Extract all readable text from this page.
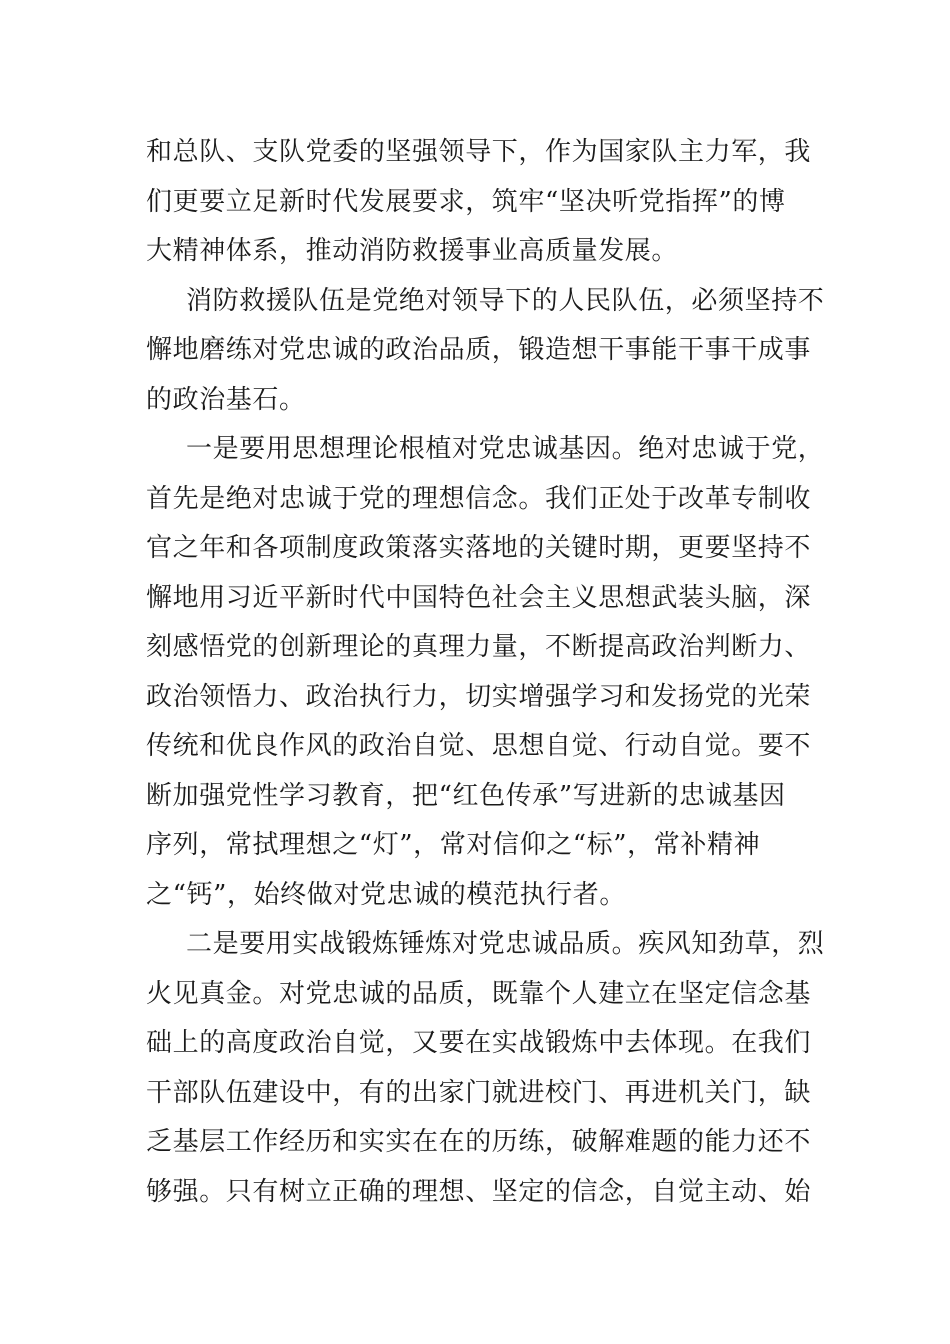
和总队、支队党委的坚强领导下，作为国家队主力军，我
们更要立足新时代发展要求，筑牢“坚决听党指挥”的博
大精神体系，推动消防救援事业高质量发展。
消防救援队伍是党绝对领导下的人民队伍，必须坚持不
懈地磨练对党忠诚的政治品质，锻造想干事能干事干成事
的政治基石。
一是要用思想理论根植对党忠诚基因。绝对忠诚于党，
首先是绝对忠诚于党的理想信念。我们正处于改革专制收
官之年和各项制度政策落实落地的关键时期，更要坚持不
懈地用习近平新时代中国特色社会主义思想武装头脑，深
刻感悟党的创新理论的真理力量，不断提高政治判断力、
政治领悟力、政治执行力，切实增强学习和发扬党的光荣
传统和优良作风的政治自觉、思想自觉、行动自觉。要不
断加强党性学习教育，把“红色传承”写进新的忠诚基因
序列，常拭理想之“灯”，常对信仰之“标”，常补精神
之“钙”，始终做对党忠诚的模范执行者。
二是要用实战锻炼锤炼对党忠诚品质。疾风知劲草，烈
火见真金。对党忠诚的品质，既靠个人建立在坚定信念基
础上的高度政治自觉，又要在实战锻炼中去体现。在我们
干部队伍建设中，有的出家门就进校门、再进机关门，缺
乏基层工作经历和实实在在的历练，破解难题的能力还不
够强。只有树立正确的理想、坚定的信念，自觉主动、始
